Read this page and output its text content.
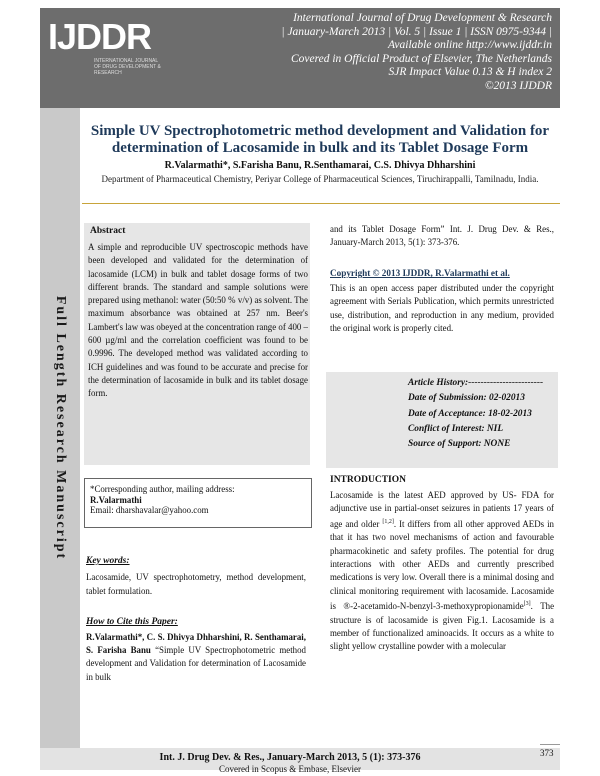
IJDDR
INTERNATIONAL JOURNAL OF DRUG DEVELOPMENT & RESEARCH
International Journal of Drug Development & Research
| January-March 2013 | Vol. 5 | Issue 1 | ISSN 0975-9344 |
Available online http://www.ijddr.in
Covered in Official Product of Elsevier, The Netherlands
SJR Impact Value 0.13 & H index 2
©2013 IJDDR
Full Length Research Manuscript
Simple UV Spectrophotometric method development and Validation for determination of Lacosamide in bulk and its Tablet Dosage Form
R.Valarmathi*, S.Farisha Banu, R.Senthamarai, C.S. Dhivya Dhharshini
Department of Pharmaceutical Chemistry, Periyar College of Pharmaceutical Sciences, Tiruchirappalli, Tamilnadu, India.
Abstract
A simple and reproducible UV spectroscopic methods have been developed and validated for the determination of lacosamide (LCM) in bulk and tablet dosage forms of two different brands. The standard and sample solutions were prepared using methanol: water (50:50 % v/v) as solvent. The maximum absorbance was obtained at 257 nm. Beer's Lambert's law was obeyed at the concentration range of 400 – 600 µg/ml and the correlation coefficient was found to be 0.9996. The developed method was validated according to ICH guidelines and was found to be accurate and precise for the determination of lacosamide in bulk and its tablet dosage form.
*Corresponding author, mailing address:
R.Valarmathi
Email: dharshavalar@yahoo.com
Key words:
Lacosamide, UV spectrophotometry, method development, tablet formulation.
How to Cite this Paper:
R.Valarmathi*, C. S. Dhivya Dhharshini, R. Senthamarai, S. Farisha Banu “Simple UV Spectrophotometric method development and Validation for determination of Lacosamide in bulk
and its Tablet Dosage Form” Int. J. Drug Dev. & Res., January-March 2013, 5(1): 373-376.
Copyright © 2013 IJDDR, R.Valarmathi et al.
This is an open access paper distributed under the copyright agreement with Serials Publication, which permits unrestricted use, distribution, and reproduction in any medium, provided the original work is properly cited.
Article History:------------------------
Date of Submission: 02-02013
Date of Acceptance: 18-02-2013
Conflict of Interest: NIL
Source of Support: NONE
INTRODUCTION
Lacosamide is the latest AED approved by US- FDA for adjunctive use in partial-onset seizures in patients 17 years of age and older [1,2]. It differs from all other approved AEDs in that it has two novel mechanisms of action and favourable pharmacokinetic and safety profiles. The potential for drug interactions with other AEDs and currently prescribed medications is very low. Overall there is a minimal dosing and clinical monitoring requirement with lacosamide. Lacosamide is ®-2-acetamido-N-benzyl-3-methoxypropionamide[3]. The structure is of lacosamide is given Fig.1. Lacosamide is a member of functionalized aminoacids. It occurs as a white to slight yellow crystalline powder with a molecular
Int. J. Drug Dev. & Res., January-March 2013, 5 (1): 373-376
Covered in Scopus & Embase, Elsevier
373
